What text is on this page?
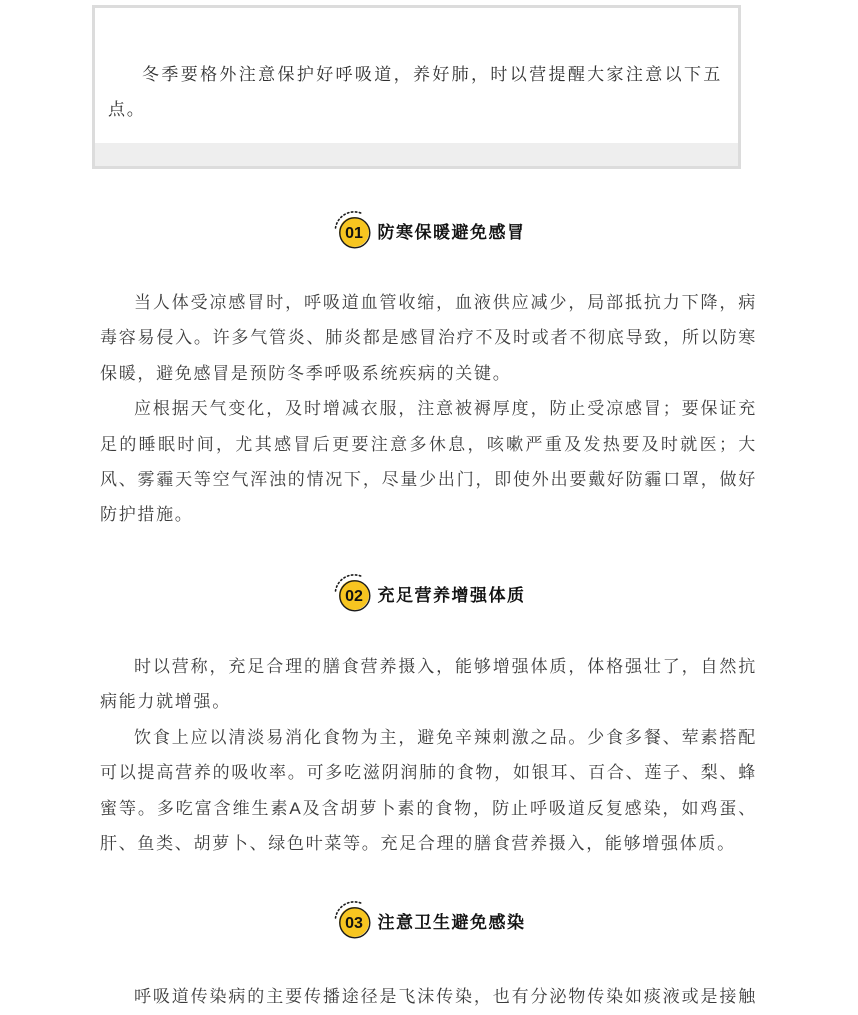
冬季要格外注意保护好呼吸道，养好肺，时以营提醒大家注意以下五点。

01 防寒保暖避免感冒

当人体受凉感冒时，呼吸道血管收缩，血液供应减少，局部抵抗力下降，病毒容易侵入。许多气管炎、肺炎都是感冒治疗不及时或者不彻底导致，所以防寒保暖，避免感冒是预防冬季呼吸系统疾病的关键。

应根据天气变化，及时增减衣服，注意被褥厚度，防止受凉感冒；要保证充足的睡眠时间，尤其感冒后更要注意多休息，咳嗽严重及发热要及时就医；大风、雾霾天等空气浑浊的情况下，尽量少出门，即使外出要戴好防霾口罩，做好防护措施。

02 充足营养增强体质

时以营称，充足合理的膳食营养摄入，能够增强体质，体格强壮了，自然抗病能力就增强。

饮食上应以清淡易消化食物为主，避免辛辣刺激之品。少食多餐、荤素搭配可以提高营养的吸收率。可多吃滋阴润肺的食物，如银耳、百合、莲子、梨、蜂蜜等。多吃富含维生素A及含胡萝卜素的食物，防止呼吸道反复感染，如鸡蛋、肝、鱼类、胡萝卜、绿色叶菜等。充足合理的膳食营养摄入，能够增强体质。

03 注意卫生避免感染

呼吸道传染病的主要传播途径是飞沫传染，也有分泌物传染如痰液或是接触
